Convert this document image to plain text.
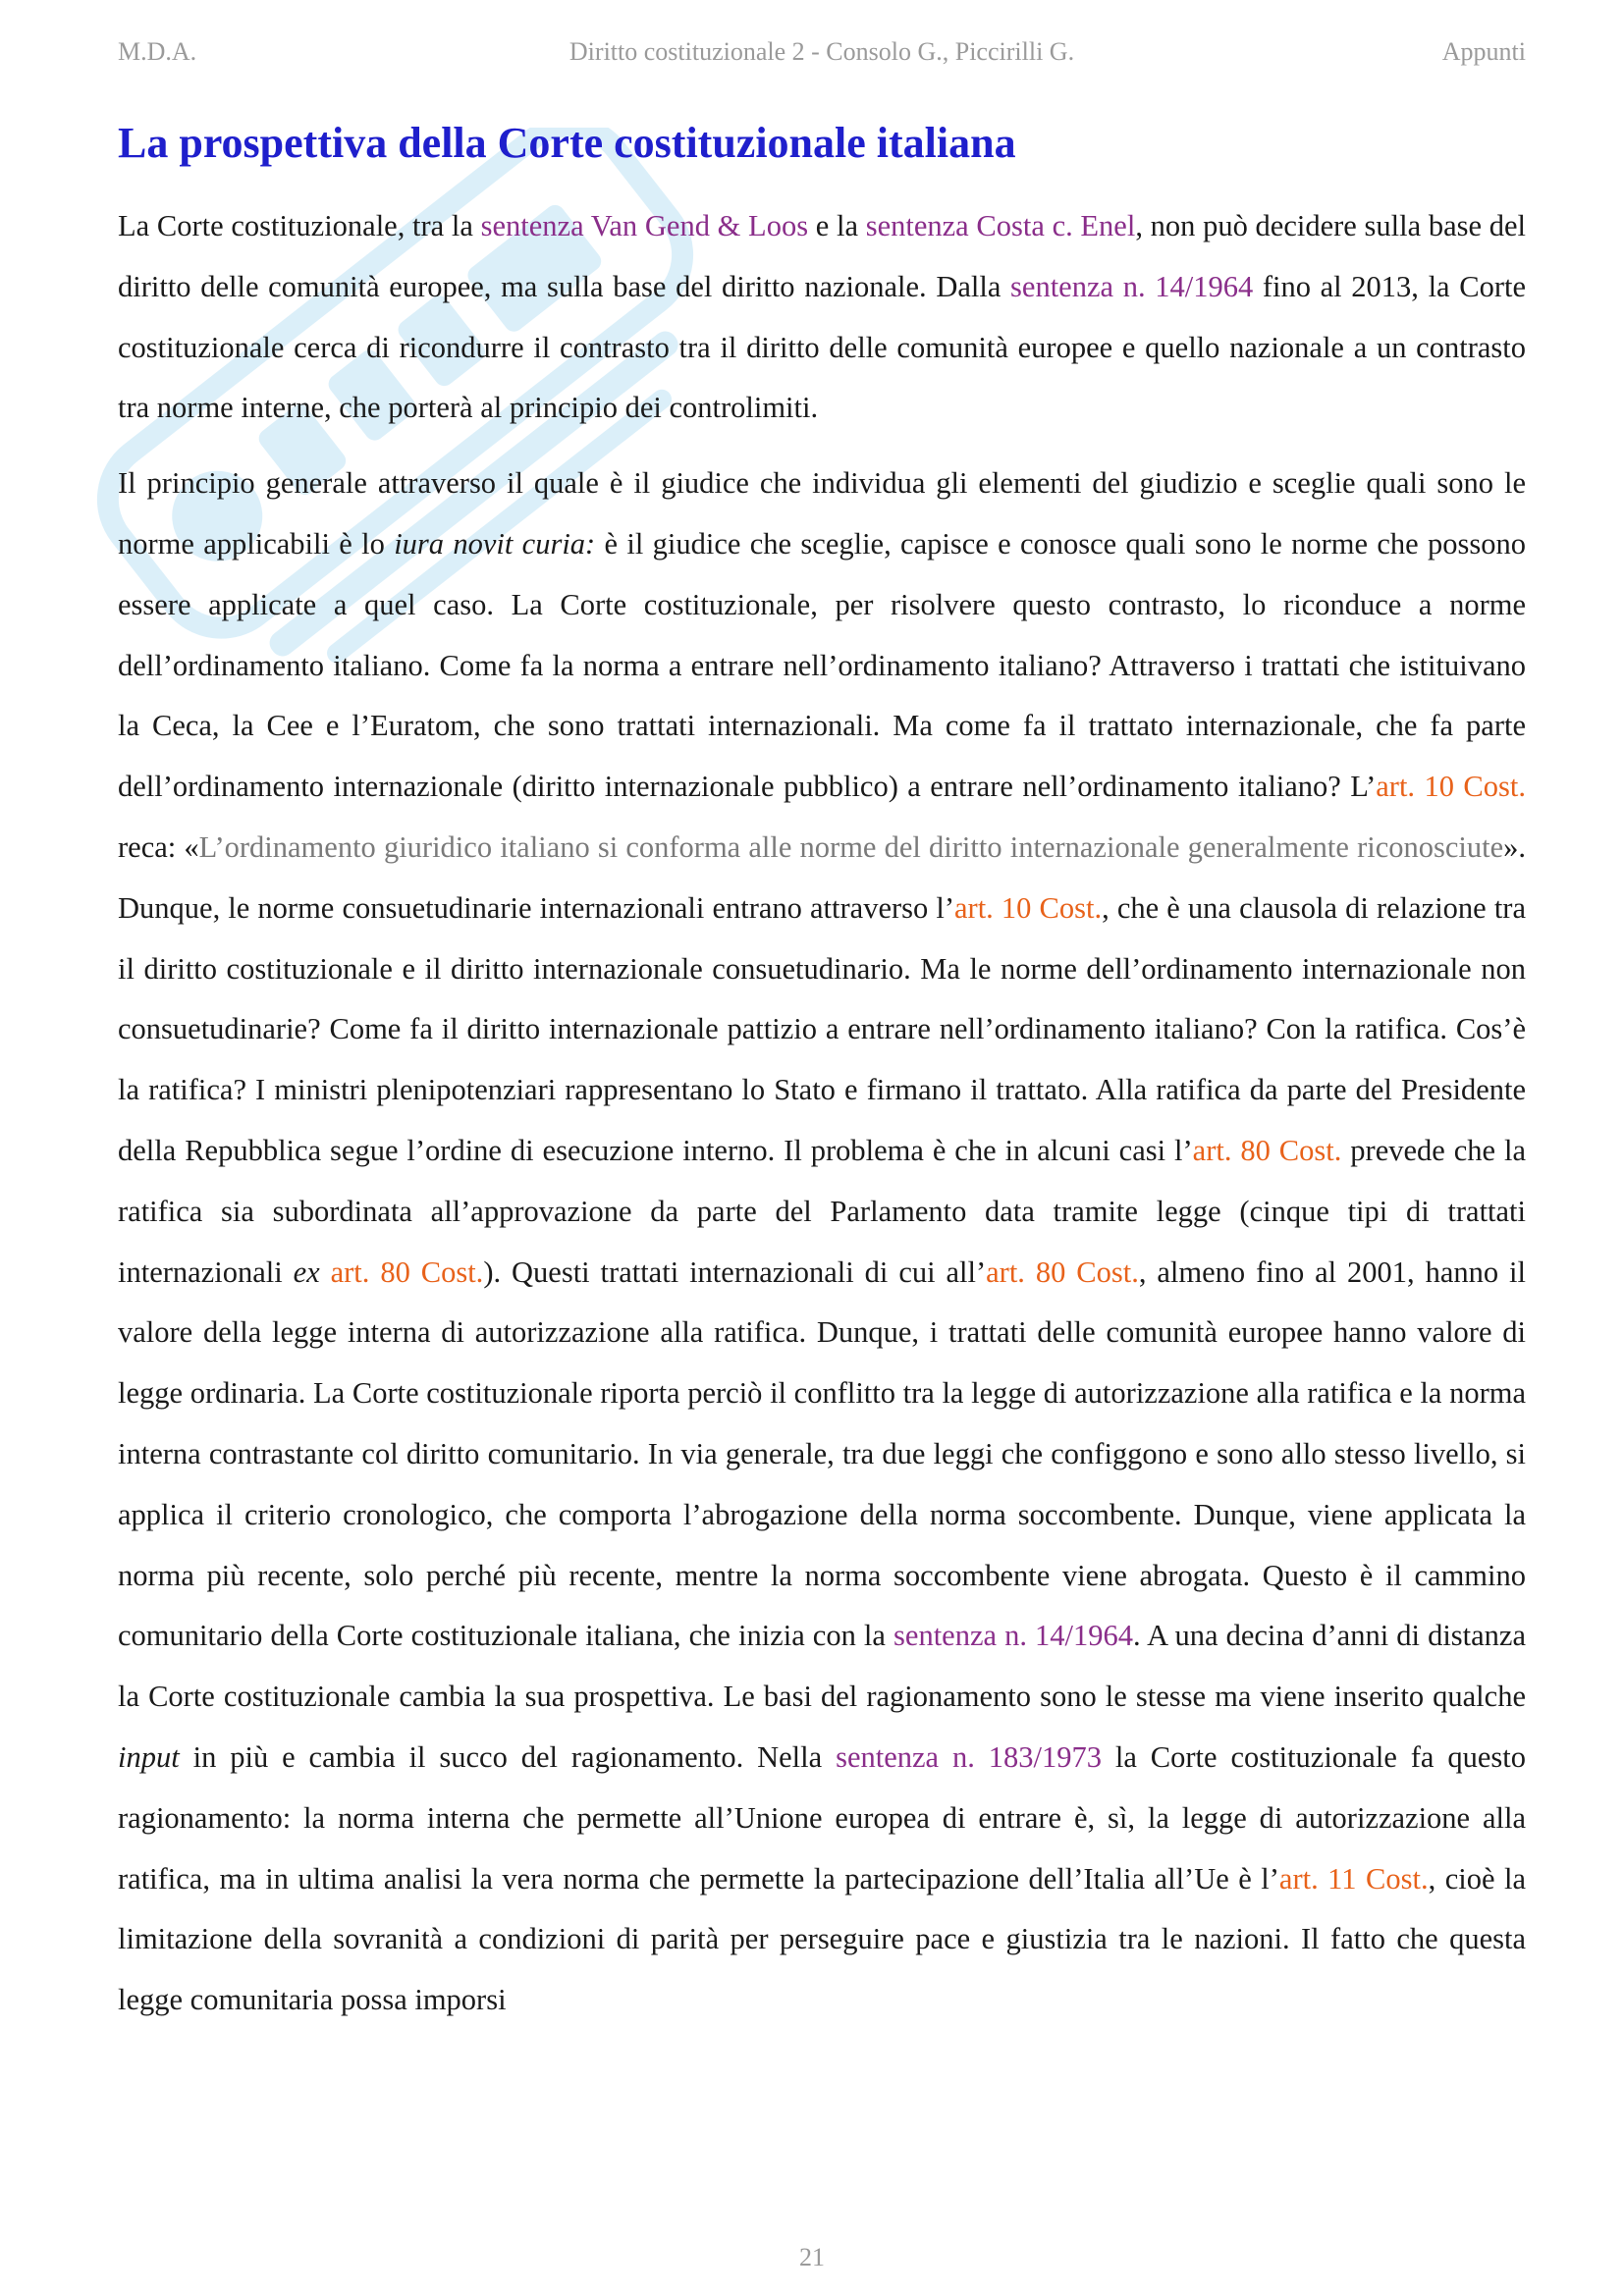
M.D.A.	Diritto costituzionale 2 - Consolo G., Piccirilli G.	Appunti
La prospettiva della Corte costituzionale italiana

La Corte costituzionale, tra la sentenza Van Gend & Loos e la sentenza Costa c. Enel, non può decidere sulla base del diritto delle comunità europee, ma sulla base del diritto nazionale. Dalla sentenza n. 14/1964 fino al 2013, la Corte costituzionale cerca di ricondurre il contrasto tra il diritto delle comunità europee e quello nazionale a un contrasto tra norme interne, che porterà al principio dei controlimiti.

Il principio generale attraverso il quale è il giudice che individua gli elementi del giudizio e sceglie quali sono le norme applicabili è lo iura novit curia: è il giudice che sceglie, capisce e conosce quali sono le norme che possono essere applicate a quel caso. La Corte costituzionale, per risolvere questo contrasto, lo riconduce a norme dell’ordinamento italiano. Come fa la norma a entrare nell’ordinamento italiano? Attraverso i trattati che istituivano la Ceca, la Cee e l’Euratom, che sono trattati internazionali. Ma come fa il trattato internazionale, che fa parte dell’ordinamento internazionale (diritto internazionale pubblico) a entrare nell’ordinamento italiano? L’art. 10 Cost. reca: «L’ordinamento giuridico italiano si conforma alle norme del diritto internazionale generalmente riconosciute». Dunque, le norme consuetudinarie internazionali entrano attraverso l’art. 10 Cost., che è una clausola di relazione tra il diritto costituzionale e il diritto internazionale consuetudinario. Ma le norme dell’ordinamento internazionale non consuetudinarie? Come fa il diritto internazionale pattizio a entrare nell’ordinamento italiano? Con la ratifica. Cos’è la ratifica? I ministri plenipotenziari rappresentano lo Stato e firmano il trattato. Alla ratifica da parte del Presidente della Repubblica segue l’ordine di esecuzione interno. Il problema è che in alcuni casi l’art. 80 Cost. prevede che la ratifica sia subordinata all’approvazione da parte del Parlamento data tramite legge (cinque tipi di trattati internazionali ex art. 80 Cost.). Questi trattati internazionali di cui all’art. 80 Cost., almeno fino al 2001, hanno il valore della legge interna di autorizzazione alla ratifica. Dunque, i trattati delle comunità europee hanno valore di legge ordinaria. La Corte costituzionale riporta perciò il conflitto tra la legge di autorizzazione alla ratifica e la norma interna contrastante col diritto comunitario. In via generale, tra due leggi che configgono e sono allo stesso livello, si applica il criterio cronologico, che comporta l’abrogazione della norma soccombente. Dunque, viene applicata la norma più recente, solo perché più recente, mentre la norma soccombente viene abrogata. Questo è il cammino comunitario della Corte costituzionale italiana, che inizia con la sentenza n. 14/1964. A una decina d’anni di distanza la Corte costituzionale cambia la sua prospettiva. Le basi del ragionamento sono le stesse ma viene inserito qualche input in più e cambia il succo del ragionamento. Nella sentenza n. 183/1973 la Corte costituzionale fa questo ragionamento: la norma interna che permette all’Unione europea di entrare è, sì, la legge di autorizzazione alla ratifica, ma in ultima analisi la vera norma che permette la partecipazione dell’Italia all’Ue è l’art. 11 Cost., cioè la limitazione della sovranità a condizioni di parità per perseguire pace e giustizia tra le nazioni. Il fatto che questa legge comunitaria possa imporsi

21
